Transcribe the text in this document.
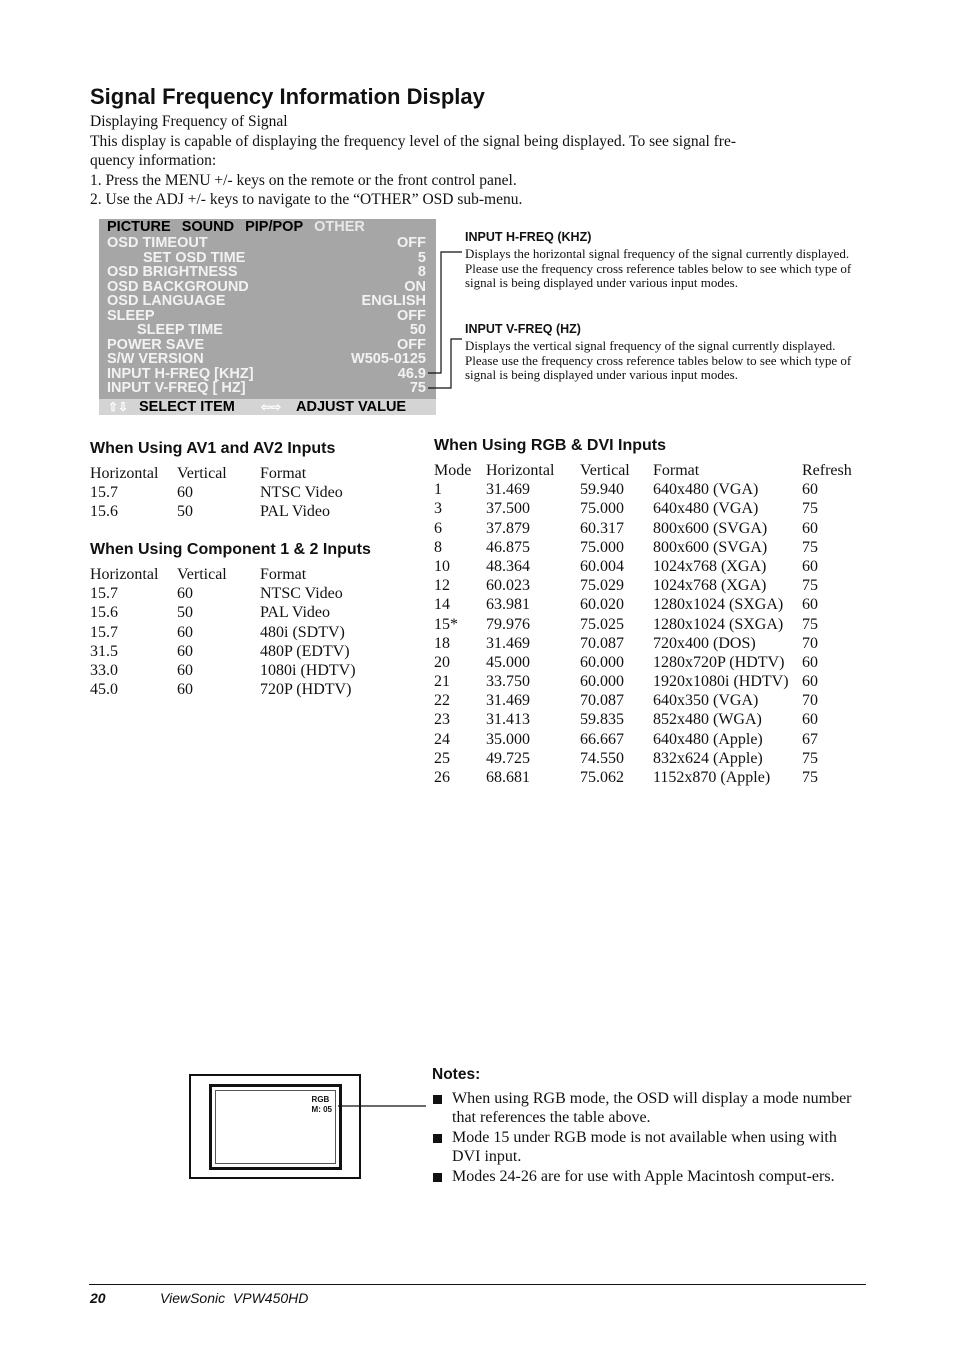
Signal Frequency Information Display
Displaying Frequency of Signal
This display is capable of displaying the frequency level of the signal being displayed. To see signal fre-
quency information:
1. Press the MENU +/- keys on the remote or the front control panel.
2. Use the ADJ +/- keys to navigate to the “OTHER” OSD sub-menu.
PICTURE SOUND PIP/POP OTHER
OSD TIMEOUT	OFF
SET OSD TIME	5
OSD BRIGHTNESS	8
OSD BACKGROUND	ON
OSD LANGUAGE	ENGLISH
SLEEP	OFF
SLEEP TIME	50
POWER SAVE	OFF
S/W VERSION	W505-0125
INPUT H-FREQ [KHZ]	46.9
INPUT V-FREQ [ HZ]	75
⇧⇩ SELECT ITEM ⇦⇨ ADJUST VALUE
INPUT H-FREQ (KHZ)
Displays the horizontal signal frequency of the signal currently displayed. Please use the frequency cross reference tables below to see which type of signal is being displayed under various input modes.
INPUT V-FREQ (HZ)
Displays the vertical signal frequency of the signal currently displayed. Please use the frequency cross reference tables below to see which type of signal is being displayed under various input modes.
When Using AV1 and AV2 Inputs
Horizontal Vertical Format
15.7	60	NTSC Video
15.6	50	PAL Video
When Using Component 1 & 2 Inputs
Horizontal Vertical Format
15.7	60	NTSC Video
15.6	50	PAL Video
15.7	60	480i (SDTV)
31.5	60	480P (EDTV)
33.0	60	1080i (HDTV)
45.0	60	720P (HDTV)
When Using RGB & DVI Inputs
Mode Horizontal Vertical Format	Refresh
1	31.469	59.940 640x480 (VGA)	60
3	37.500	75.000 640x480 (VGA)	75
6	37.879	60.317 800x600 (SVGA) 60
8	46.875	75.000 800x600 (SVGA) 75
10 48.364	60.004 1024x768 (XGA) 60
12 60.023	75.029 1024x768 (XGA) 75
14 63.981	60.020 1280x1024 (SXGA) 60
15* 79.976	75.025 1280x1024 (SXGA) 75
18 31.469	70.087 720x400 (DOS)	70
20 45.000	60.000 1280x720P (HDTV) 60
21 33.750	60.000 1920x1080i (HDTV) 60
22 31.469	70.087 640x350 (VGA)	70
23 31.413	59.835 852x480 (WGA)	60
24 35.000	66.667 640x480 (Apple) 67
25 49.725	74.550 832x624 (Apple) 75
26 68.681	75.062 1152x870 (Apple) 75
RGB
M: 05
Notes:
When using RGB mode, the OSD will display a mode number that references the table above.
Mode 15 under RGB mode is not available when using with DVI input.
Modes 24-26 are for use with Apple Macintosh comput-ers.
20	ViewSonic  VPW450HD
